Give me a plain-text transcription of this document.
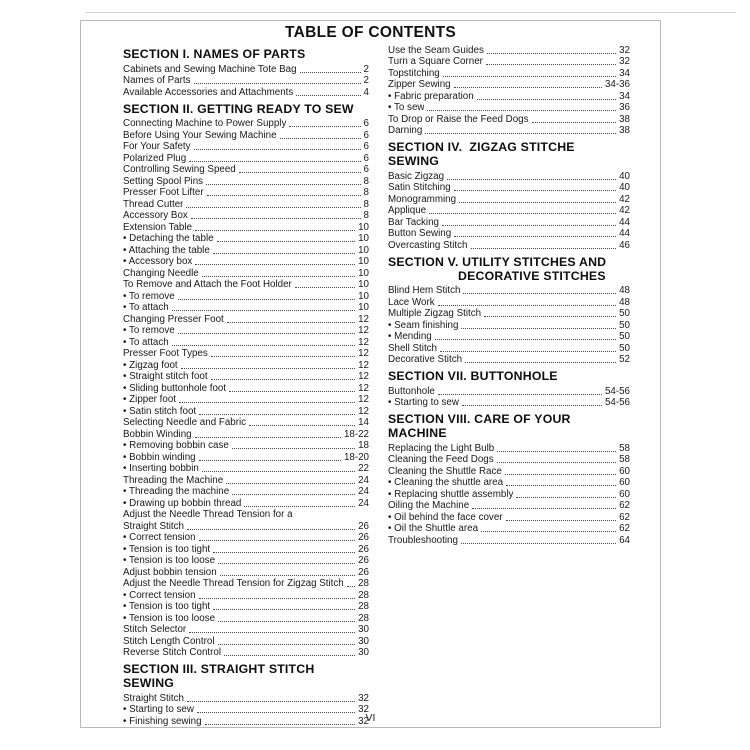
TABLE OF CONTENTS
SECTION I. NAMES OF PARTS
Cabinets and Sewing Machine Tote Bag	2
Names of Parts	2
Available Accessories and Attachments	4
SECTION II. GETTING READY TO SEW
Connecting Machine to Power Supply	6
Before Using Your Sewing Machine	6
For Your Safety	6
Polarized Plug	6
Controlling Sewing Speed	6
Setting Spool Pins	8
Presser Foot Lifter	8
Thread Cutter	8
Accessory Box	8
Extension Table	10
• Detaching the table	10
• Attaching the table	10
• Accessory box	10
Changing Needle	10
To Remove and Attach the Foot Holder	10
• To remove	10
• To attach	10
Changing Presser Foot	12
• To remove	12
• To attach	12
Presser Foot Types	12
• Zigzag foot	12
• Straight stitch foot	12
• Sliding buttonhole foot	12
• Zipper foot	12
• Satin stitch foot	12
Selecting Needle and Fabric	14
Bobbin Winding	18-22
• Removing bobbin case	18
• Bobbin winding	18-20
• Inserting bobbin	22
Threading the Machine	24
• Threading the machine	24
• Drawing up bobbin thread	24
Adjust the Needle Thread Tension for a
Straight Stitch	26
• Correct tension	26
• Tension is too tight	26
• Tension is too loose	26
Adjust bobbin tension	26
Adjust the Needle Thread Tension for Zigzag Stitch 28
• Correct tension	28
• Tension is too tight	28
• Tension is too loose	28
Stitch Selector	30
Stitch Length Control	30
Reverse Stitch Control	30
SECTION III. STRAIGHT STITCH SEWING
Straight Stitch	32
• Starting to sew	32
• Finishing sewing	32
Use the Seam Guides	32
Turn a Square Corner	32
Topstitching	34
Zipper Sewing	34-36
• Fabric preparation	34
• To sew	36
To Drop or Raise the Feed Dogs	38
Darning	38
SECTION IV.  ZIGZAG STITCHE  SEWING
Basic Zigzag	40
Satin Stitching	40
Monogramming	42
Applique	42
Bar Tacking	44
Button Sewing	44
Overcasting Stitch	46
SECTION V. UTILITY STITCHES AND
DECORATIVE STITCHES
Blind Hem Stitch	48
Lace Work	48
Multiple Zigzag Stitch	50
• Seam finishing	50
• Mending	50
Shell Stitch	50
Decorative Stitch	52
SECTION VII. BUTTONHOLE
Buttonhole	54-56
• Starting to sew	54-56
SECTION VIII. CARE OF YOUR MACHINE
Replacing the Light Bulb	58
Cleaning the Feed Dogs	58
Cleaning the Shuttle Race	60
• Cleaning the shuttle area	60
• Replacing shuttle assembly	60
Oiling the Machine	62
• Oil behind the face cover	62
• Oil the Shuttle area	62
Troubleshooting	64
VI
